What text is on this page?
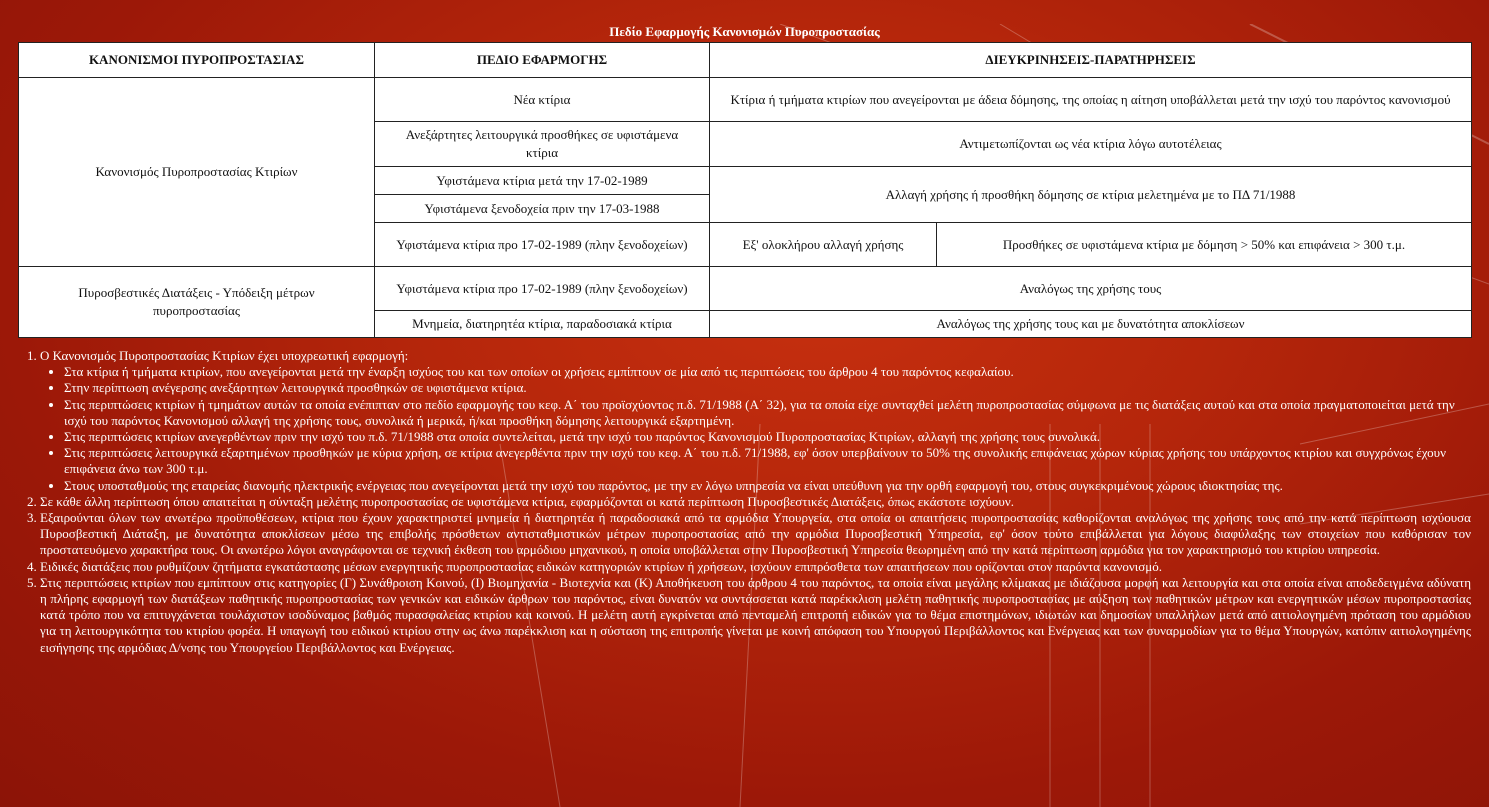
Πεδίο Εφαρμογής Κανονισμών Πυροπροστασίας
ΚΑΝΟΝΙΣΜΟΙ ΠΥΡΟΠΡΟΣΤΑΣΙΑΣ	ΠΕΔΙΟ ΕΦΑΡΜΟΓΗΣ	ΔΙΕΥΚΡΙΝΗΣΕΙΣ-ΠΑΡΑΤΗΡΗΣΕΙΣ	
Κανονισμός Πυροπροστασίας Κτιρίων	Νέα κτίρια	Κτίρια ή τμήματα κτιρίων που ανεγείρονται με άδεια δόμησης, της οποίας η αίτηση υποβάλλεται μετά την ισχύ του παρόντος κανονισμού	
	Ανεξάρτητες λειτουργικά προσθήκες σε υφιστάμενα κτίρια	Αντιμετωπίζονται ως νέα κτίρια λόγω αυτοτέλειας	
	Υφιστάμενα κτίρια μετά την 17-02-1989	Αλλαγή χρήσης ή προσθήκη δόμησης σε κτίρια μελετημένα με το ΠΔ 71/1988	
	Υφιστάμενα ξενοδοχεία πριν την 17-03-1988		
	Υφιστάμενα κτίρια προ 17-02-1989 (πλην ξενοδοχείων)	Εξ' ολοκλήρου αλλαγή χρήσης	Προσθήκες σε υφιστάμενα κτίρια με δόμηση > 50% και επιφάνεια > 300 τ.μ.
Πυροσβεστικές Διατάξεις - Υπόδειξη μέτρων πυροπροστασίας	Υφιστάμενα κτίρια προ 17-02-1989 (πλην ξενοδοχείων)	Αναλόγως της χρήσης τους	
	Μνημεία, διατηρητέα κτίρια, παραδοσιακά κτίρια	Αναλόγως της χρήσης τους και με δυνατότητα αποκλίσεων	
1. Ο Κανονισμός Πυροπροστασίας Κτιρίων έχει υποχρεωτική εφαρμογή:
• Στα κτίρια ή τμήματα κτιρίων, που ανεγείρονται μετά την έναρξη ισχύος του και των οποίων οι χρήσεις εμπίπτουν σε μία από τις περιπτώσεις του άρθρου 4 του παρόντος κεφαλαίου.
• Στην περίπτωση ανέγερσης ανεξάρτητων λειτουργικά προσθηκών σε υφιστάμενα κτίρια.
• Στις περιπτώσεις κτιρίων ή τμημάτων αυτών τα οποία ενέπιπταν στο πεδίο εφαρμογής του κεφ. Α΄ του προϊσχύοντος π.δ. 71/1988 (Α΄ 32), για τα οποία είχε συνταχθεί μελέτη πυροπροστασίας σύμφωνα με τις διατάξεις αυτού και στα οποία πραγματοποιείται μετά την ισχύ του παρόντος Κανονισμού αλλαγή της χρήσης τους, συνολικά ή μερικά, ή/και προσθήκη δόμησης λειτουργικά εξαρτημένη.
• Στις περιπτώσεις κτιρίων ανεγερθέντων πριν την ισχύ του π.δ. 71/1988 στα οποία συντελείται, μετά την ισχύ του παρόντος Κανονισμού Πυροπροστασίας Κτιρίων, αλλαγή της χρήσης τους συνολικά.
• Στις περιπτώσεις λειτουργικά εξαρτημένων προσθηκών με κύρια χρήση, σε κτίρια ανεγερθέντα πριν την ισχύ του κεφ. Α΄ του π.δ. 71/1988, εφ' όσον υπερβαίνουν το 50% της συνολικής επιφάνειας χώρων κύριας χρήσης του υπάρχοντος κτιρίου και συγχρόνως έχουν επιφάνεια άνω των 300 τ.μ.
• Στους υποσταθμούς της εταιρείας διανομής ηλεκτρικής ενέργειας που ανεγείρονται μετά την ισχύ του παρόντος, με την εν λόγω υπηρεσία να είναι υπεύθυνη για την ορθή εφαρμογή του, στους συγκεκριμένους χώρους ιδιοκτησίας της.
2. Σε κάθε άλλη περίπτωση όπου απαιτείται η σύνταξη μελέτης πυροπροστασίας σε υφιστάμενα κτίρια, εφαρμόζονται οι κατά περίπτωση Πυροσβεστικές Διατάξεις, όπως εκάστοτε ισχύουν.
3. Εξαιρούνται όλων των ανωτέρω προϋποθέσεων, κτίρια που έχουν χαρακτηριστεί μνημεία ή διατηρητέα ή παραδοσιακά από τα αρμόδια Υπουργεία, στα οποία οι απαιτήσεις πυροπροστασίας καθορίζονται αναλόγως της χρήσης τους από την κατά περίπτωση ισχύουσα Πυροσβεστική Διάταξη, με δυνατότητα αποκλίσεων μέσω της επιβολής πρόσθετων αντισταθμιστικών μέτρων πυροπροστασίας από την αρμόδια Πυροσβεστική Υπηρεσία, εφ' όσον τούτο επιβάλλεται για λόγους διαφύλαξης των στοιχείων που καθόρισαν τον προστατευόμενο χαρακτήρα τους. Οι ανωτέρω λόγοι αναγράφονται σε τεχνική έκθεση του αρμόδιου μηχανικού, η οποία υποβάλλεται στην Πυροσβεστική Υπηρεσία θεωρημένη από την κατά περίπτωση αρμόδια για τον χαρακτηρισμό του κτιρίου υπηρεσία.
4. Ειδικές διατάξεις που ρυθμίζουν ζητήματα εγκατάστασης μέσων ενεργητικής πυροπροστασίας ειδικών κατηγοριών κτιρίων ή χρήσεων, ισχύουν επιπρόσθετα των απαιτήσεων που ορίζονται στον παρόντα κανονισμό.
5. Στις περιπτώσεις κτιρίων που εμπίπτουν στις κατηγορίες (Γ) Συνάθροιση Κοινού, (Ι) Βιομηχανία - Βιοτεχνία και (Κ) Αποθήκευση του άρθρου 4 του παρόντος, τα οποία είναι μεγάλης κλίμακας με ιδιάζουσα μορφή και λειτουργία και στα οποία είναι αποδεδειγμένα αδύνατη η πλήρης εφαρμογή των διατάξεων παθητικής πυροπροστασίας των γενικών και ειδικών άρθρων του παρόντος, είναι δυνατόν να συντάσσεται κατά παρέκκλιση μελέτη παθητικής πυροπροστασίας με αύξηση των παθητικών μέτρων και ενεργητικών μέσων πυροπροστασίας κατά τρόπο που να επιτυγχάνεται τουλάχιστον ισοδύναμος βαθμός πυρασφαλείας κτιρίου και κοινού. Η μελέτη αυτή εγκρίνεται από πενταμελή επιτροπή ειδικών για το θέμα επιστημόνων, ιδιωτών και δημοσίων υπαλλήλων μετά από αιτιολογημένη πρόταση του αρμόδιου για τη λειτουργικότητα του κτιρίου φορέα. Η υπαγωγή του ειδικού κτιρίου στην ως άνω παρέκκλιση και η σύσταση της επιτροπής γίνεται με κοινή απόφαση του Υπουργού Περιβάλλοντος και Ενέργειας και των συναρμοδίων για το θέμα Υπουργών, κατόπιν αιτιολογημένης εισήγησης της αρμόδιας Δ/νσης του Υπουργείου Περιβάλλοντος και Ενέργειας.
